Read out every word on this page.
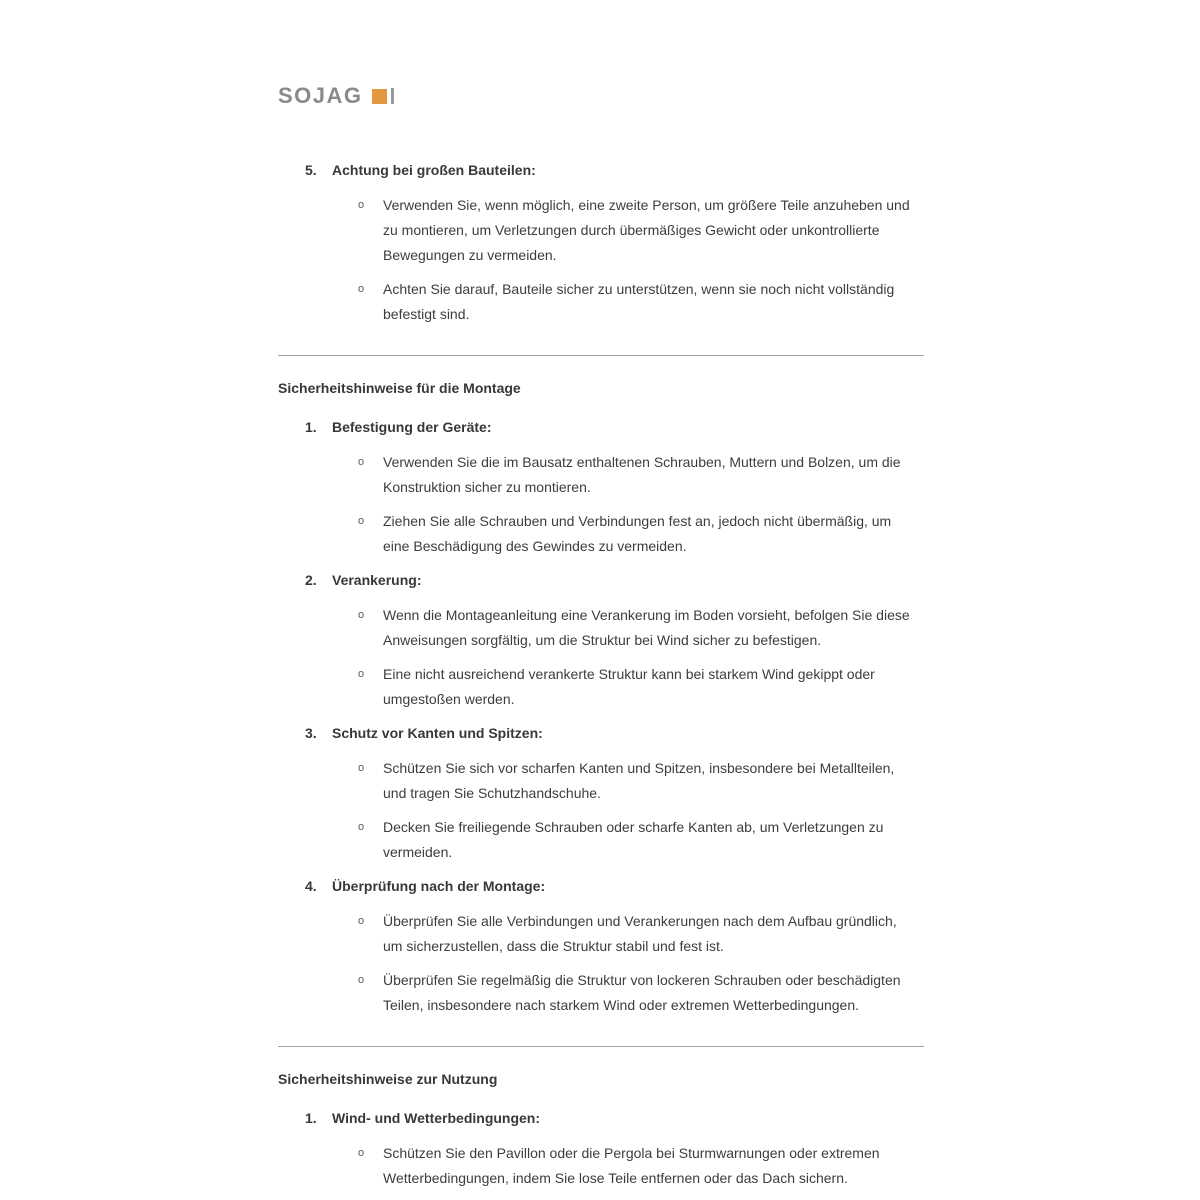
SOJAG
5.	Achtung bei großen Bauteilen:
o	Verwenden Sie, wenn möglich, eine zweite Person, um größere Teile anzuheben und zu montieren, um Verletzungen durch übermäßiges Gewicht oder unkontrollierte Bewegungen zu vermeiden.
o	Achten Sie darauf, Bauteile sicher zu unterstützen, wenn sie noch nicht vollständig befestigt sind.
Sicherheitshinweise für die Montage
1.	Befestigung der Geräte:
o	Verwenden Sie die im Bausatz enthaltenen Schrauben, Muttern und Bolzen, um die Konstruktion sicher zu montieren.
o	Ziehen Sie alle Schrauben und Verbindungen fest an, jedoch nicht übermäßig, um eine Beschädigung des Gewindes zu vermeiden.
2.	Verankerung:
o	Wenn die Montageanleitung eine Verankerung im Boden vorsieht, befolgen Sie diese Anweisungen sorgfältig, um die Struktur bei Wind sicher zu befestigen.
o	Eine nicht ausreichend verankerte Struktur kann bei starkem Wind gekippt oder umgestoßen werden.
3.	Schutz vor Kanten und Spitzen:
o	Schützen Sie sich vor scharfen Kanten und Spitzen, insbesondere bei Metallteilen, und tragen Sie Schutzhandschuhe.
o	Decken Sie freiliegende Schrauben oder scharfe Kanten ab, um Verletzungen zu vermeiden.
4.	Überprüfung nach der Montage:
o	Überprüfen Sie alle Verbindungen und Verankerungen nach dem Aufbau gründlich, um sicherzustellen, dass die Struktur stabil und fest ist.
o	Überprüfen Sie regelmäßig die Struktur von lockeren Schrauben oder beschädigten Teilen, insbesondere nach starkem Wind oder extremen Wetterbedingungen.
Sicherheitshinweise zur Nutzung
1.	Wind- und Wetterbedingungen:
o	Schützen Sie den Pavillon oder die Pergola bei Sturmwarnungen oder extremen Wetterbedingungen, indem Sie lose Teile entfernen oder das Dach sichern.
